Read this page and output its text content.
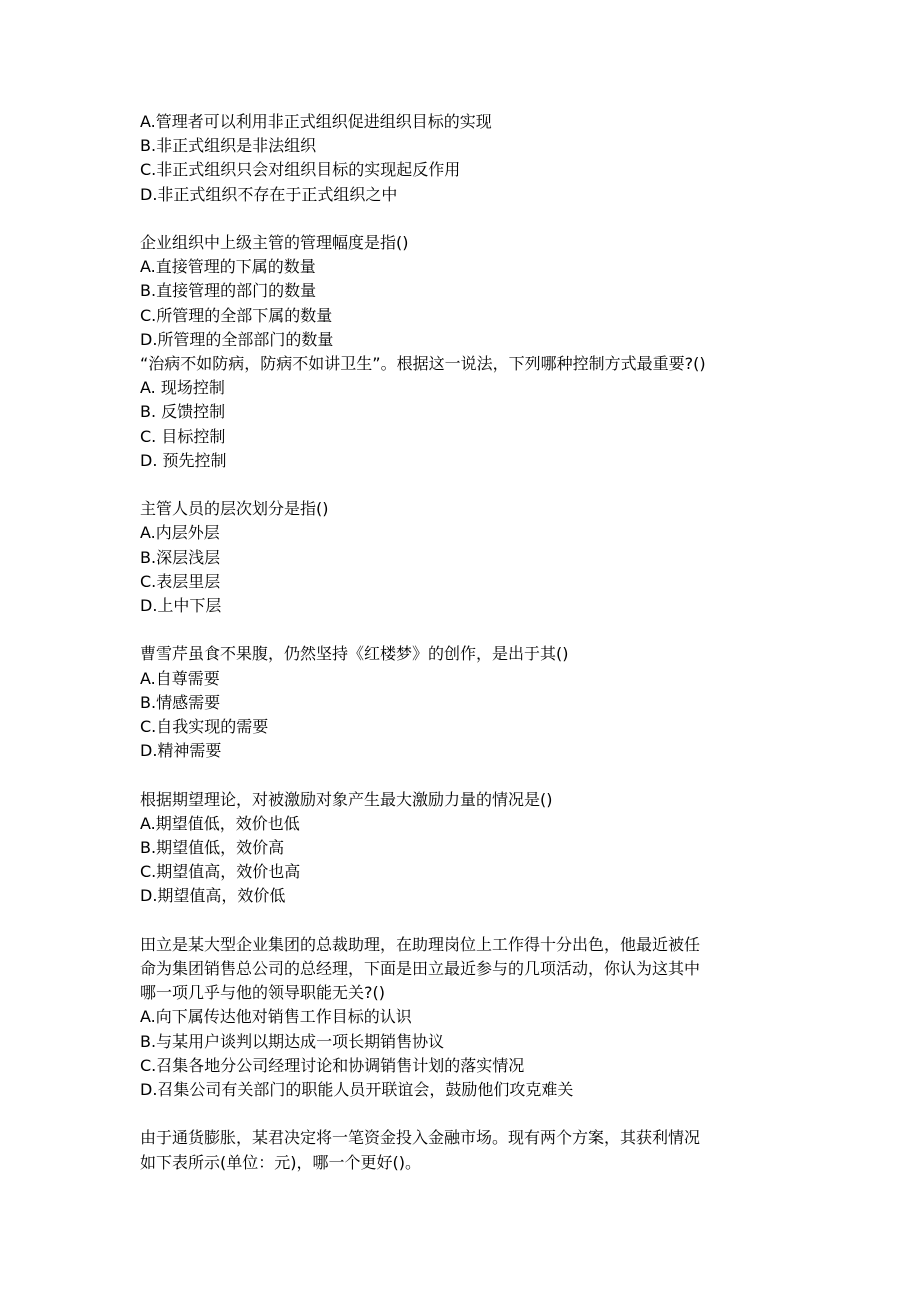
A.管理者可以利用非正式组织促进组织目标的实现

B.非正式组织是非法组织

C.非正式组织只会对组织目标的实现起反作用

D.非正式组织不存在于正式组织之中

企业组织中上级主管的管理幅度是指()

A.直接管理的下属的数量

B.直接管理的部门的数量

C.所管理的全部下属的数量

D.所管理的全部部门的数量

“治病不如防病，防病不如讲卫生”。根据这一说法，下列哪种控制方式最重要?()

A. 现场控制

B. 反馈控制

C. 目标控制

D. 预先控制

主管人员的层次划分是指()

A.内层外层

B.深层浅层

C.表层里层

D.上中下层

曹雪芹虽食不果腹，仍然坚持《红楼梦》的创作，是出于其()

A.自尊需要

B.情感需要

C.自我实现的需要

D.精神需要

根据期望理论，对被激励对象产生最大激励力量的情况是()

A.期望值低，效价也低

B.期望值低，效价高

C.期望值高，效价也高

D.期望值高，效价低

田立是某大型企业集团的总裁助理，在助理岗位上工作得十分出色，他最近被任

命为集团销售总公司的总经理，下面是田立最近参与的几项活动，你认为这其中

哪一项几乎与他的领导职能无关?()

A.向下属传达他对销售工作目标的认识

B.与某用户谈判以期达成一项长期销售协议

C.召集各地分公司经理讨论和协调销售计划的落实情况

D.召集公司有关部门的职能人员开联谊会，鼓励他们攻克难关

由于通货膨胀，某君决定将一笔资金投入金融市场。现有两个方案，其获利情况

如下表所示(单位：元)，哪一个更好()。
